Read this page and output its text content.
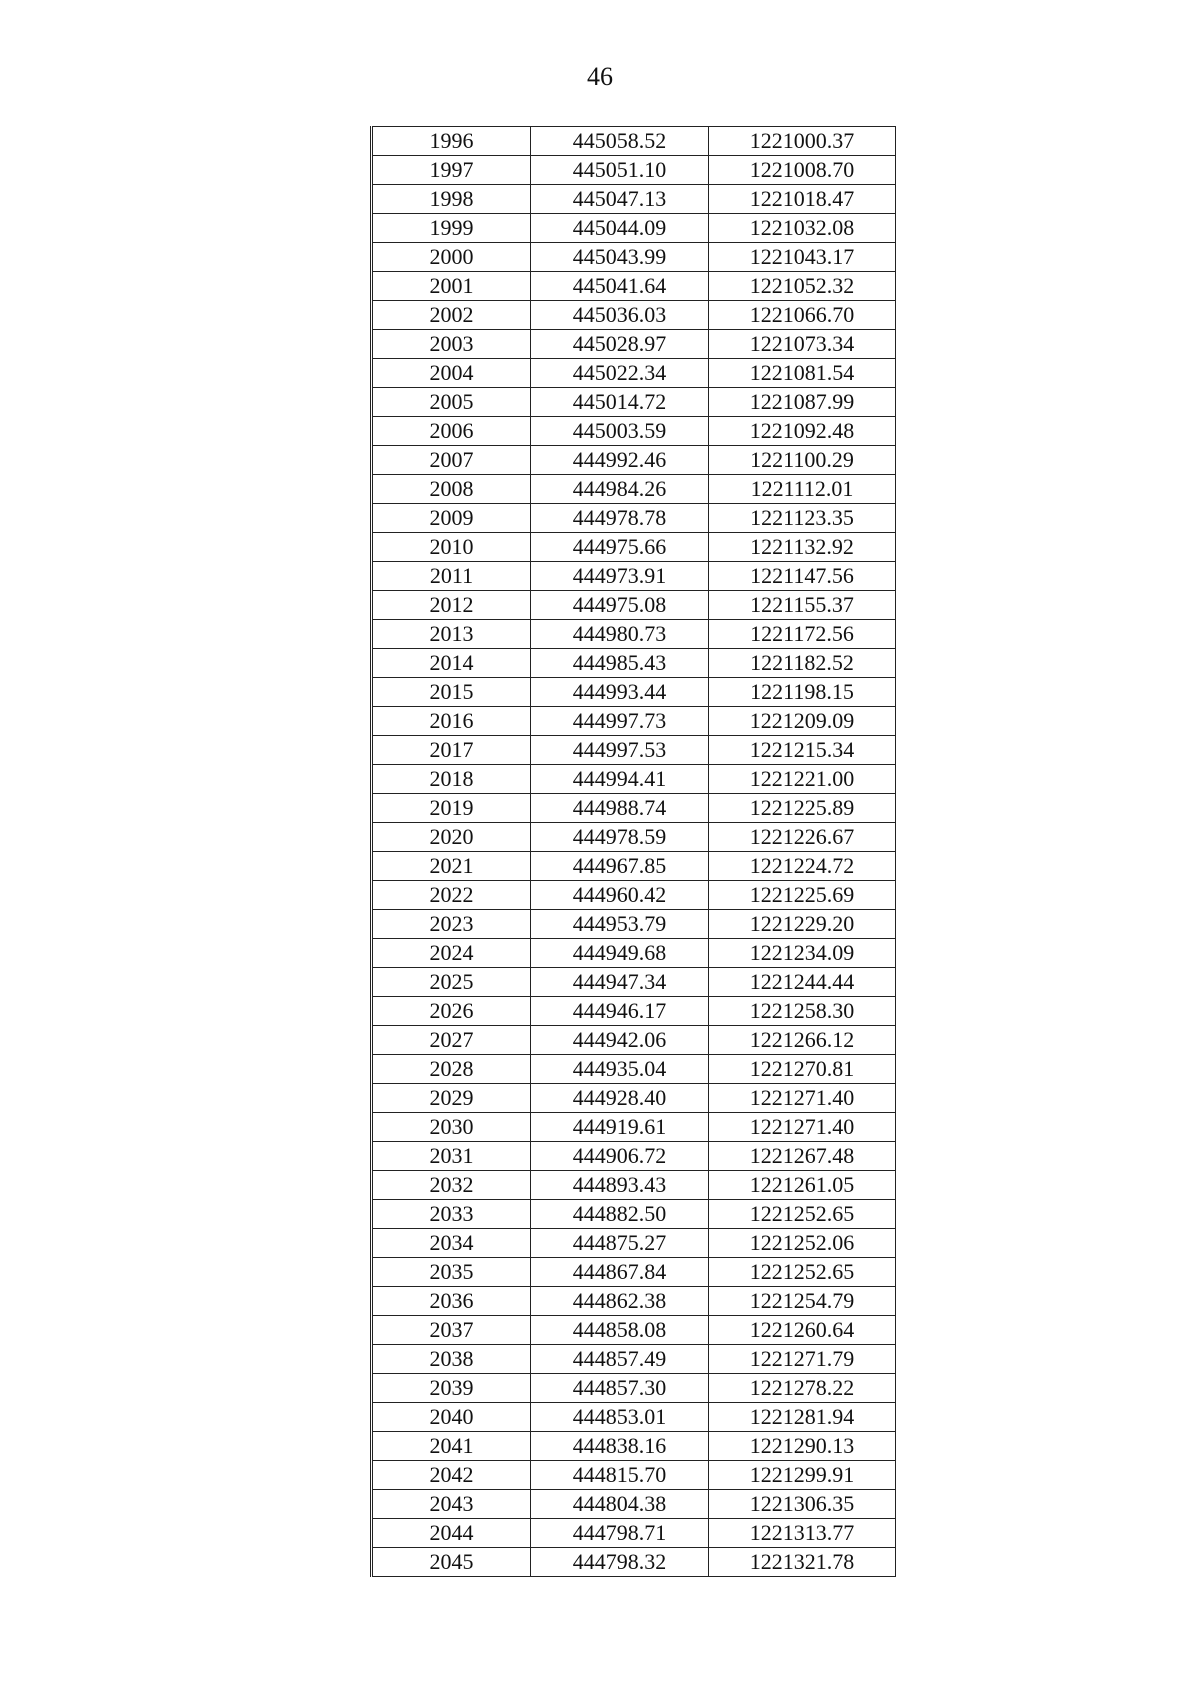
46
1996	445058.52	1221000.37
1997	445051.10	1221008.70
1998	445047.13	1221018.47
1999	445044.09	1221032.08
2000	445043.99	1221043.17
2001	445041.64	1221052.32
2002	445036.03	1221066.70
2003	445028.97	1221073.34
2004	445022.34	1221081.54
2005	445014.72	1221087.99
2006	445003.59	1221092.48
2007	444992.46	1221100.29
2008	444984.26	1221112.01
2009	444978.78	1221123.35
2010	444975.66	1221132.92
2011	444973.91	1221147.56
2012	444975.08	1221155.37
2013	444980.73	1221172.56
2014	444985.43	1221182.52
2015	444993.44	1221198.15
2016	444997.73	1221209.09
2017	444997.53	1221215.34
2018	444994.41	1221221.00
2019	444988.74	1221225.89
2020	444978.59	1221226.67
2021	444967.85	1221224.72
2022	444960.42	1221225.69
2023	444953.79	1221229.20
2024	444949.68	1221234.09
2025	444947.34	1221244.44
2026	444946.17	1221258.30
2027	444942.06	1221266.12
2028	444935.04	1221270.81
2029	444928.40	1221271.40
2030	444919.61	1221271.40
2031	444906.72	1221267.48
2032	444893.43	1221261.05
2033	444882.50	1221252.65
2034	444875.27	1221252.06
2035	444867.84	1221252.65
2036	444862.38	1221254.79
2037	444858.08	1221260.64
2038	444857.49	1221271.79
2039	444857.30	1221278.22
2040	444853.01	1221281.94
2041	444838.16	1221290.13
2042	444815.70	1221299.91
2043	444804.38	1221306.35
2044	444798.71	1221313.77
2045	444798.32	1221321.78
